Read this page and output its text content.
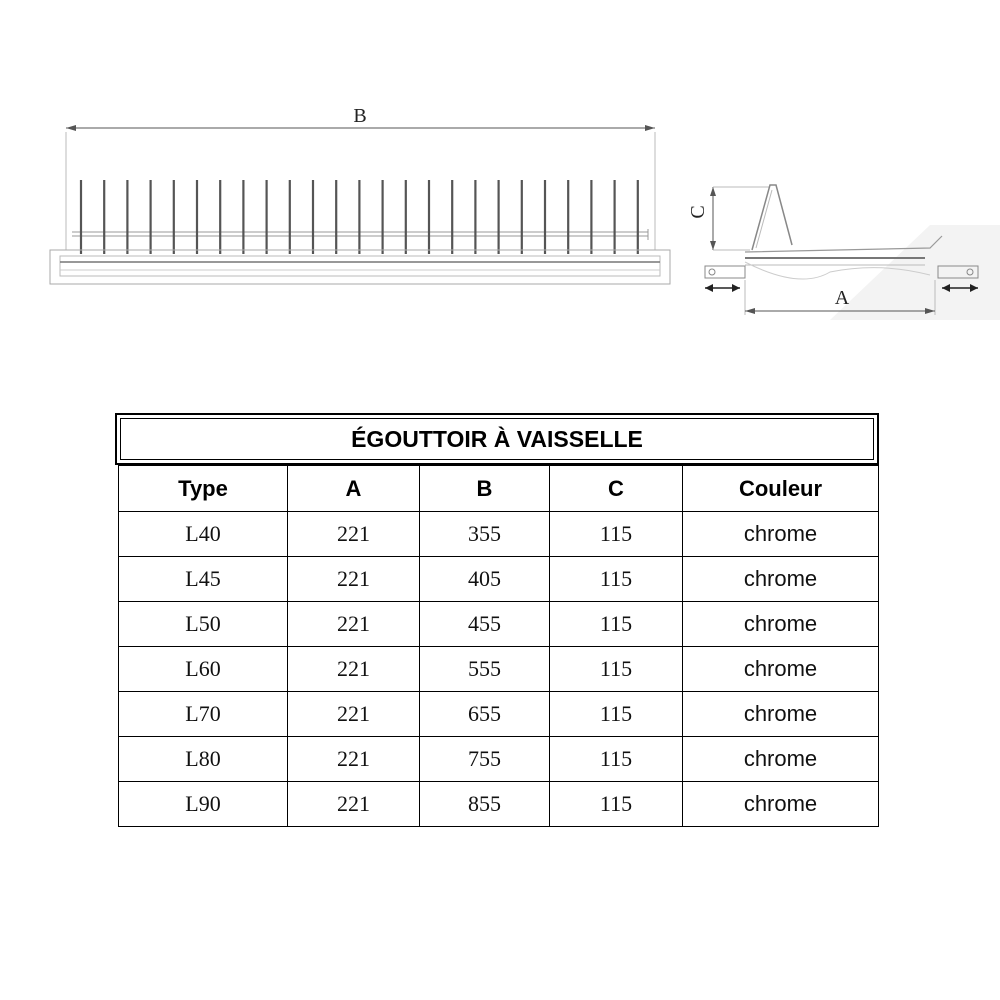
B
C
A
ÉGOUTTOIR À VAISSELLE
Type	A	B	C	Couleur
L40	221	355	115	chrome
L45	221	405	115	chrome
L50	221	455	115	chrome
L60	221	555	115	chrome
L70	221	655	115	chrome
L80	221	755	115	chrome
L90	221	855	115	chrome
